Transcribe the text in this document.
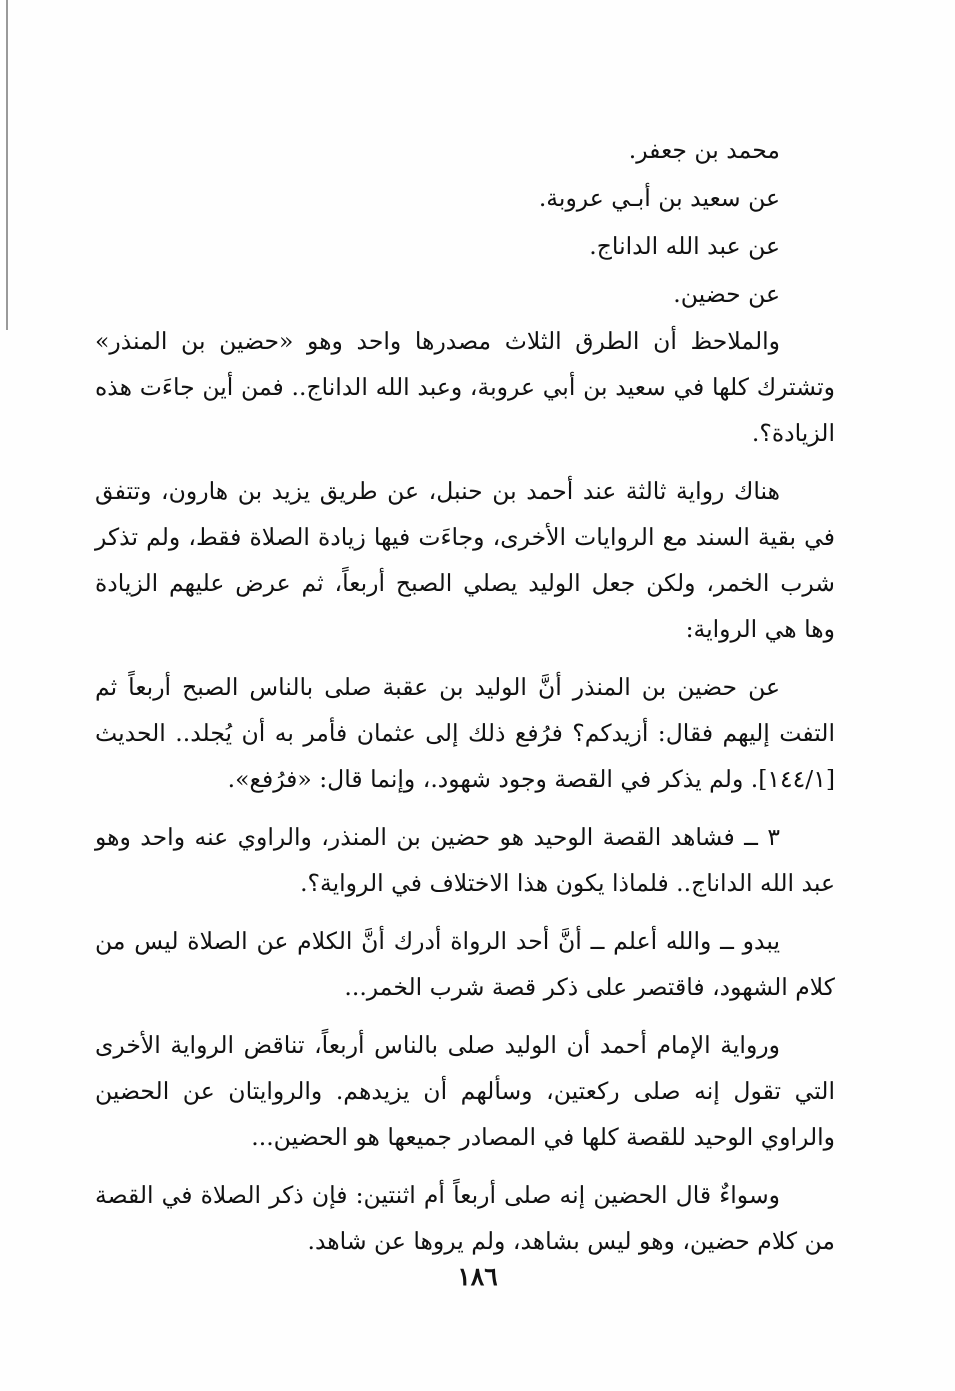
محمد بن جعفر.
عن سعيد بن أبـي عروبة.
عن عبد الله الداناج.
عن حضين.

والملاحظ أن الطرق الثلاث مصدرها واحد وهو «حضين بن المنذر» وتشترك كلها في سعيد بن أبي عروبة، وعبد الله الداناج.. فمن أين جاءَت هذه الزيادة؟.

هناك رواية ثالثة عند أحمد بن حنبل، عن طريق يزيد بن هارون، وتتفق في بقية السند مع الروايات الأخرى، وجاءَت فيها زيادة الصلاة فقط، ولم تذكر شرب الخمر، ولكن جعل الوليد يصلي الصبح أربعاً، ثم عرض عليهم الزيادة وها هي الرواية:

عن حضين بن المنذر أنَّ الوليد بن عقبة صلى بالناس الصبح أربعاً ثم التفت إليهم فقال: أزيدكم؟ فرُفع ذلك إلى عثمان فأمر به أن يُجلد.. الحديث [١٤٤/١]. ولم يذكر في القصة وجود شهود.، وإنما قال: «فرُفع».

٣ ــ فشاهد القصة الوحيد هو حضين بن المنذر، والراوي عنه واحد وهو عبد الله الداناج.. فلماذا يكون هذا الاختلاف في الرواية؟.

يبدو ــ والله أعلم ــ أنَّ أحد الرواة أدرك أنَّ الكلام عن الصلاة ليس من كلام الشهود، فاقتصر على ذكر قصة شرب الخمر...

ورواية الإمام أحمد أن الوليد صلى بالناس أربعاً، تناقض الرواية الأخرى التي تقول إنه صلى ركعتين، وسألهم أن يزيدهم. والروايتان عن الحضين والراوي الوحيد للقصة كلها في المصادر جميعها هو الحضين...

وسواءٌ قال الحضين إنه صلى أربعاً أم اثنتين: فإن ذكر الصلاة في القصة من كلام حضين، وهو ليس بشاهد، ولم يروها عن شاهد.

١٨٦
